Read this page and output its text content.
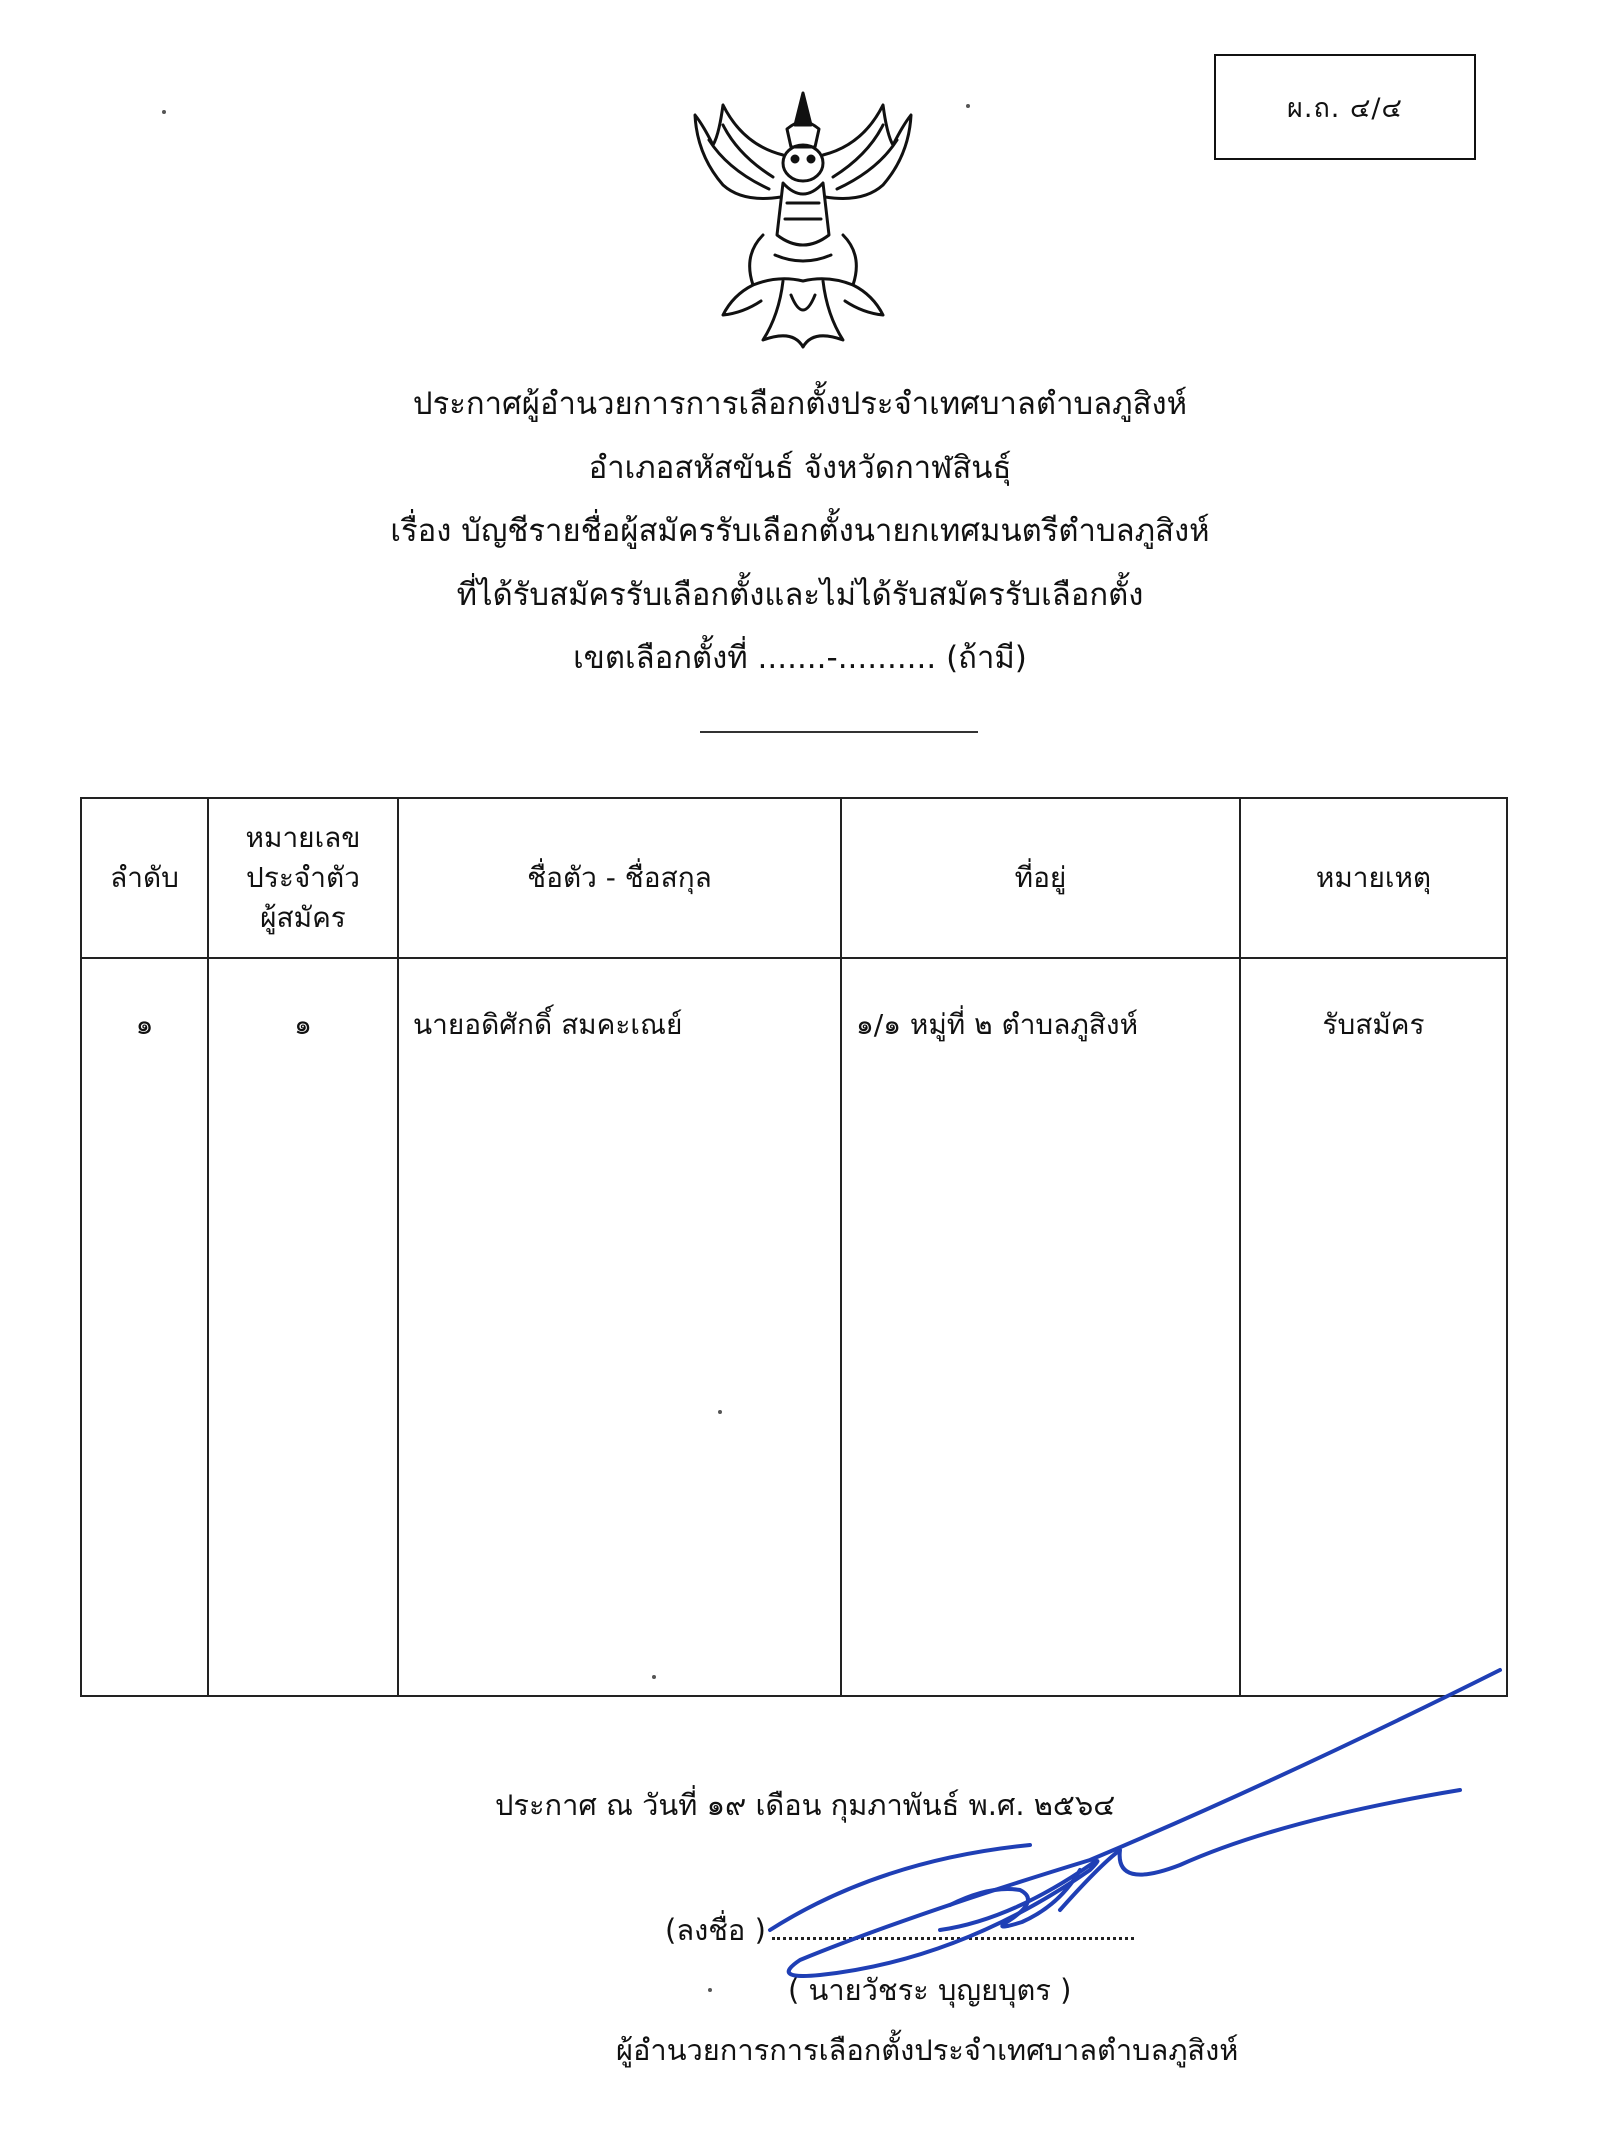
ผ.ถ. ๔/๔
ประกาศผู้อำนวยการการเลือกตั้งประจำเทศบาลตำบลภูสิงห์
อำเภอสหัสขันธ์ จังหวัดกาฬสินธุ์
เรื่อง บัญชีรายชื่อผู้สมัครรับเลือกตั้งนายกเทศมนตรีตำบลภูสิงห์
ที่ได้รับสมัครรับเลือกตั้งและไม่ได้รับสมัครรับเลือกตั้ง
เขตเลือกตั้งที่ .......-.......... (ถ้ามี)
ลำดับ	หมายเลข
ประจำตัว
ผู้สมัคร	ชื่อตัว - ชื่อสกุล	ที่อยู่	หมายเหตุ
๑	๑	นายอดิศักดิ์ สมคะเณย์	๑/๑ หมู่ที่ ๒ ตำบลภูสิงห์	รับสมัคร
ประกาศ ณ วันที่ ๑๙ เดือน กุมภาพันธ์ พ.ศ. ๒๕๖๔
(ลงชื่อ )
( นายวัชระ บุญยบุตร )
ผู้อำนวยการการเลือกตั้งประจำเทศบาลตำบลภูสิงห์
